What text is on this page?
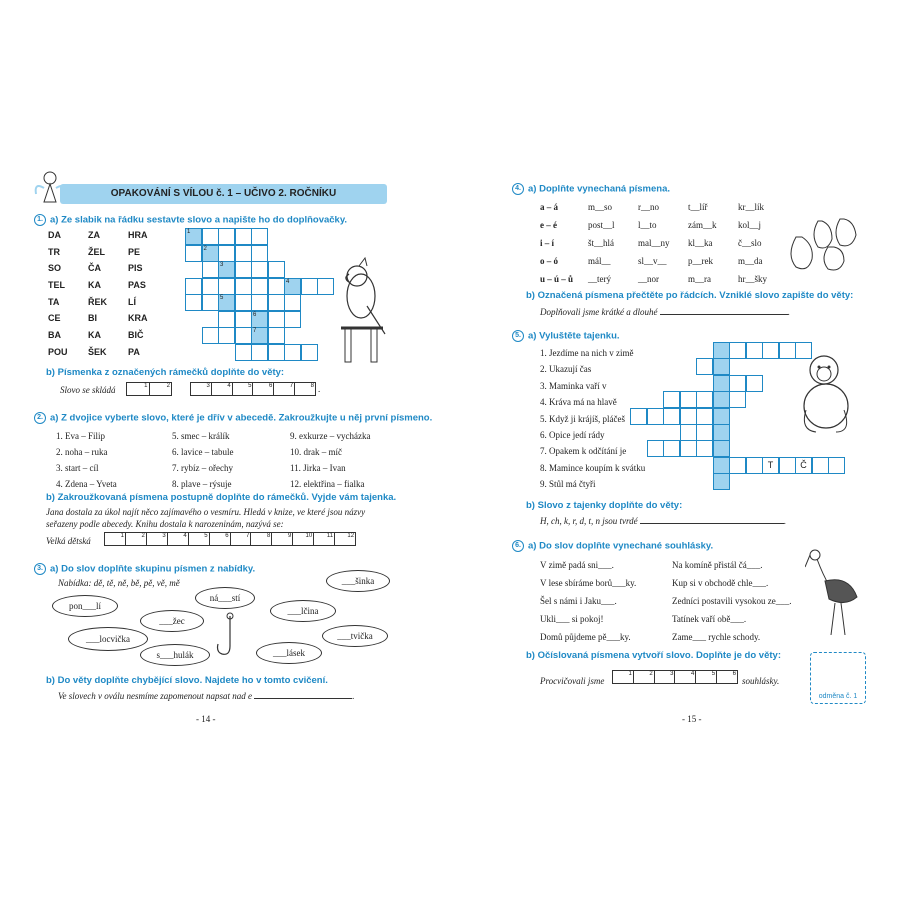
OPAKOVÁNÍ S VÍLOU č. 1 – UČIVO 2. ROČNÍKU
1. a) Ze slabik na řádku sestavte slovo a napište ho do doplňovačky.
DA	ZA	HRA
TR	ŽEL	PE
SO	ČA	PIS
TEL	KA	PAS
TA	ŘEK	LÍ
CE	BI	KRA
BA	KA	BIČ
POU	ŠEK	PA
1
2
3
4
5
6
7
b) Písmenka z označených rámečků doplňte do věty:
Slovo se skládá	1	2	3	4	5	6	7	8 .
2. a) Z dvojice vyberte slovo, které je dřív v abecedě. Zakroužkujte u něj první písmeno.
1. Eva – Filip
2. noha – ruka
3. start – cíl
4. Zdena – Yveta
5. smec – králík
6. lavice – tabule
7. rybíz – ořechy
8. plave – rýsuje
9. exkurze – vycházka
10. drak – míč
11. Jirka – Ivan
12. elektřina – fialka
b) Zakroužkovaná písmena postupně doplňte do rámečků. Vyjde vám tajenka.
Jana dostala za úkol najít něco zajímavého o vesmíru. Hledá v knize, ve které jsou názvy
seřazeny podle abecedy. Knihu dostala k narozeninám, nazývá se:
Velká dětská	1	2	3	4	5	6	7	8	9	10	11	12
3. a) Do slov doplňte skupinu písmen z nabídky.
Nabídka: dě, tě, ně, bě, pě, vě, mě
pon___lí
___žec
ná___stí
___šinka
___lčina
___locvička
s___hulák	___lásek
___tvička
b) Do věty doplňte chybějící slovo. Najdete ho v tomto cvičení.
Ve slovech v oválu nesmíme zapomenout napsat nad e	.
- 14 -
4. a) Doplňte vynechaná písmena.
a – á	m__so	r__no	t__líř	kr__lík
e – é	post__l	l__to	zám__k	kol__j
i – í	št__hlá	mal__ny	kl__ka	č__slo
o – ó	mál__	sl__v__	p__rek	m__da
u – ú – ů	__terý	__nor	m__ra	hr__šky
b) Označená písmena přečtěte po řádcích. Vzniklé slovo zapište do věty:
Doplňovali jsme krátké a dlouhé	.
5. a) Vyluštěte tajenku.
1. Jezdíme na nich v zimě
2. Ukazují čas
3. Maminka vaří v
4. Kráva má na hlavě
5. Když ji krájíš, pláčeš
6. Opice jedí rády
7. Opakem k odčítání je
8. Mamince koupím k svátku
9. Stůl má čtyři
T	Č
b) Slovo z tajenky doplňte do věty:
H, ch, k, r, d, t, n jsou tvrdé	.
6. a) Do slov doplňte vynechané souhlásky.
V zimě padá sni___.
V lese sbíráme borů___ky.
Šel s námi i Jaku___.
Ukli___ si pokoj!
Domů půjdeme pě___ky.
Na komíně přistál čá___.
Kup si v obchodě chle___.
Zedníci postavili vysokou ze___.
Tatínek vaří obě___.
Zame___ rychle schody.
b) Očíslovaná písmena vytvoří slovo. Doplňte je do věty:
Procvičovali jsme
1	2	3	4	5	6
souhlásky.
odměna č. 1
- 15 -
